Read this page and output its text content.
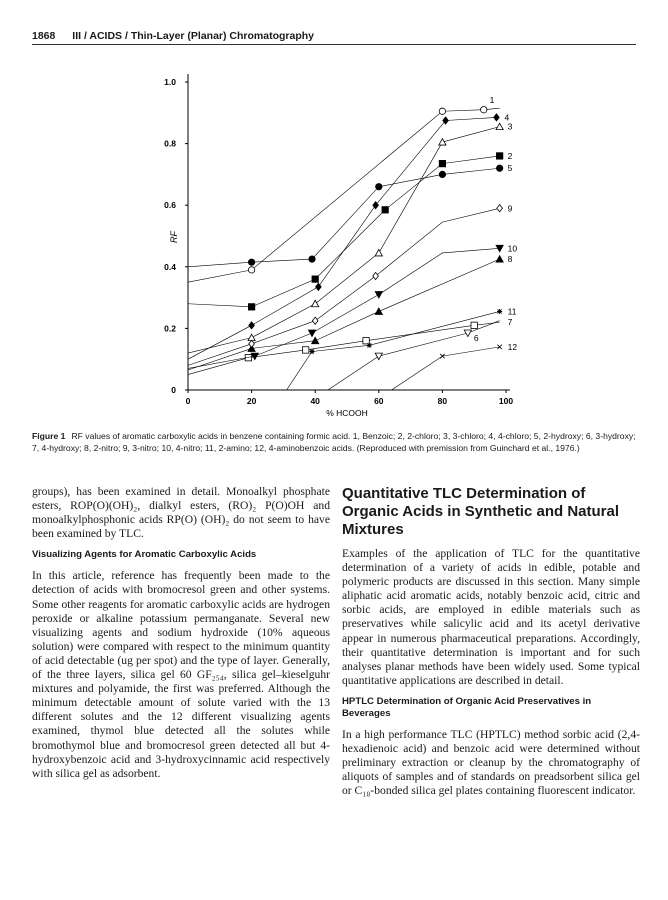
1868 III / ACIDS / Thin-Layer (Planar) Chromatography
0	20	40	60	80	100
0
0.2
0.4
0.6
0.8
1.0
% HCOOH
RF
1
2
3
4
5
6
7
8
9
10
11
12
Figure 1 RF values of aromatic carboxylic acids in benzene containing formic acid. 1, Benzoic; 2, 2-chloro; 3, 3-chloro; 4, 4-chloro; 5, 2-hydroxy; 6, 3-hydroxy; 7, 4-hydroxy; 8, 2-nitro; 9, 3-nitro; 10, 4-nitro; 11, 2-amino; 12, 4-aminobenzoic acids. (Reproduced with premission from Guinchard et al., 1976.)

groups), has been examined in detail. Monoalkyl phosphate esters, ROP(O)(OH)₂, dialkyl esters, (RO)₂ P(O)OH and monoalkylphosphonic acids RP(O) (OH)₂ do not seem to have been examined by TLC.

Visualizing Agents for Aromatic Carboxylic Acids

In this article, reference has frequently been made to the detection of acids with bromocresol green and other systems. Some other reagents for aromatic carboxylic acids are hydrogen peroxide or alkaline potassium permanganate. Several new visualizing agents and sodium hydroxide (10% aqueous solution) were compared with respect to the minimum quantity of acid detectable (ug per spot) and the type of layer. Generally, of the three layers, silica gel 60 GF₂₅₄, silica gel–kieselguhr mixtures and polyamide, the first was preferred. Although the minimum detectable amount of solute varied with the 13 different solutes and the 12 different visualizing agents examined, thymol blue detected all the solutes while bromothymol blue and bromocresol green detected all but 4-hydroxybenzoic acid and 3-hydroxycinnamic acid respectively with silica gel as adsorbent.

Quantitative TLC Determination of Organic Acids in Synthetic and Natural Mixtures

Examples of the application of TLC for the quantitative determination of a variety of acids in edible, potable and polymeric products are discussed in this section. Many simple aliphatic acid aromatic acids, notably benzoic acid, citric and sorbic acids, are employed in edible materials such as preservatives while salicylic acid and its acetyl derivative appear in numerous pharmaceutical preparations. Accordingly, their quantitative determination is important and for such analyses planar methods have been widely used. Some typical quantitative applications are described in detail.

HPTLC Determination of Organic Acid Preservatives in Beverages

In a high performance TLC (HPTLC) method sorbic acid (2,4-hexadienoic acid) and benzoic acid were determined without preliminary extraction or cleanup by the chromatography of aliquots of samples and of standards on preadsorbent silica gel or C₁₈-bonded silica gel plates containing fluorescent indicator.
